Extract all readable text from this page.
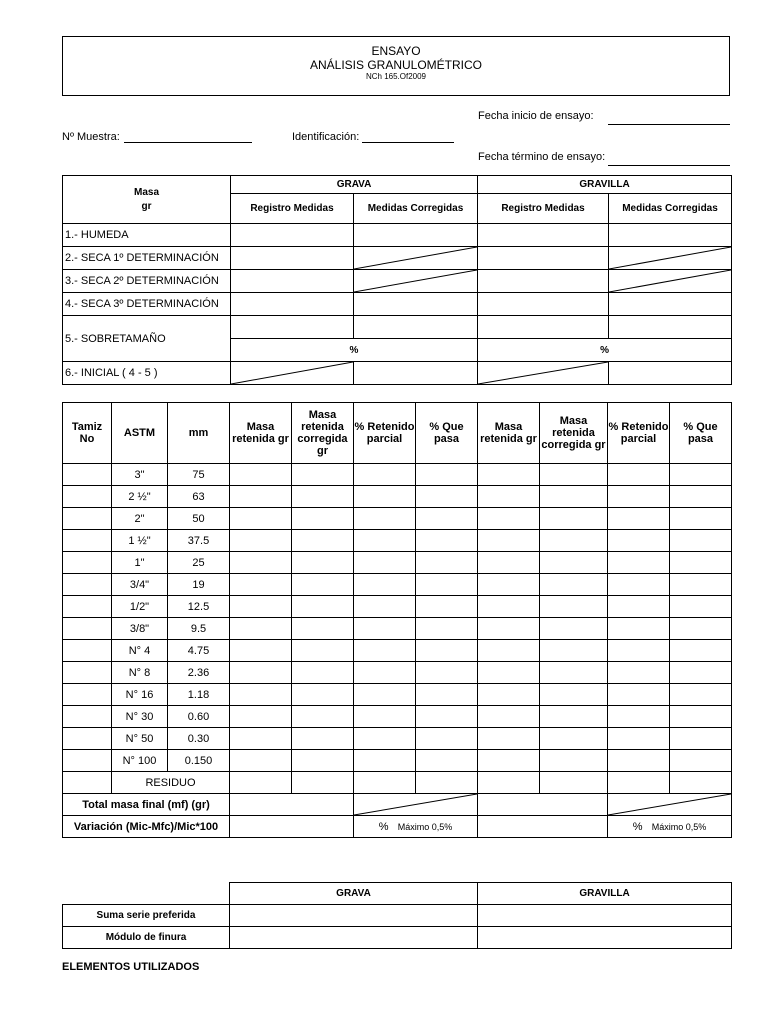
ENSAYO
ANÁLISIS GRANULOMÉTRICO
NCh 165.Of2009
Fecha inicio de ensayo:
Nº Muestra:	Identificación:
Fecha término de ensayo:
Masa
gr	GRAVA		GRAVILLA	
	Registro Medidas	Medidas Corregidas	Registro Medidas	Medidas Corregidas
1.- HUMEDA				
2.- SECA 1º DETERMINACIÓN		

3.- SECA 2º DETERMINACIÓN		

4.- SECA 3º DETERMINACIÓN				
5.- SOBRETAMAÑO				
	%		%	
6.- INICIAL ( 4 - 5 )	

Tamiz No	ASTM	mm	Masa retenida gr	Masa retenida corregida gr	% Retenido parcial	% Que pasa	Masa retenida gr	Masa retenida corregida gr	% Retenido parcial	% Que pasa
	3"	75								
	2 ½"	63								
	2"	50								
	1 ½"	37.5								
	1"	25								
	3/4"	19								
	1/2"	12.5								
	3/8"	9.5								
	N° 4	4.75								
	N° 8	2.36								
	N° 16	1.18								
	N° 30	0.60								
	N° 50	0.30								
	N° 100	0.150								
	RESIDUO									
Total masa final (mf) (gr)		

Variación (Mic-Mfc)/Mic*100					% Máximo 0,5%				% Máximo 0,5%	
	GRAVA	GRAVILLA
Suma serie preferida		
Módulo de finura		
ELEMENTOS UTILIZADOS
